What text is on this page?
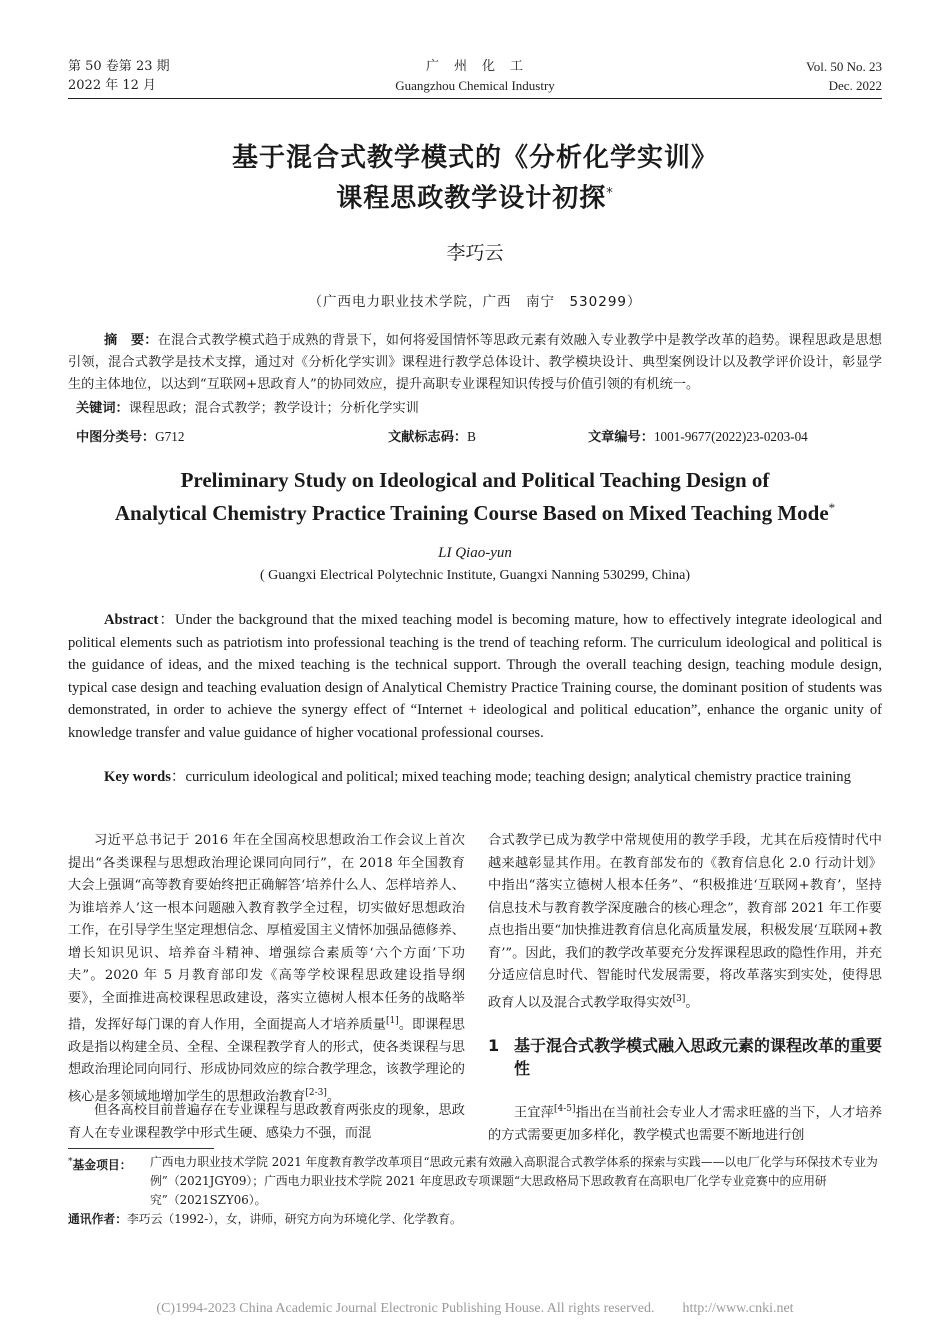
第 50 卷第 23 期
2022 年 12 月
广　州　化　工
Guangzhou Chemical Industry
Vol. 50 No. 23
Dec. 2022
基于混合式教学模式的《分析化学实训》
课程思政教学设计初探*
李巧云
（广西电力职业技术学院，广西　南宁　530299）
摘　要：在混合式教学模式趋于成熟的背景下，如何将爱国情怀等思政元素有效融入专业教学中是教学改革的趋势。课程思政是思想引领，混合式教学是技术支撑，通过对《分析化学实训》课程进行教学总体设计、教学模块设计、典型案例设计以及教学评价设计，彰显学生的主体地位，以达到“互联网+思政育人”的协同效应，提升高职专业课程知识传授与价值引领的有机统一。
关键词：课程思政；混合式教学；教学设计；分析化学实训
中图分类号：G712	文献标志码：B	文章编号：1001-9677(2022)23-0203-04
Preliminary Study on Ideological and Political Teaching Design of
Analytical Chemistry Practice Training Course Based on Mixed Teaching Mode*
LI Qiao-yun
( Guangxi Electrical Polytechnic Institute, Guangxi Nanning 530299, China)
Abstract：Under the background that the mixed teaching model is becoming mature, how to effectively integrate ideological and political elements such as patriotism into professional teaching is the trend of teaching reform. The curriculum ideological and political is the guidance of ideas, and the mixed teaching is the technical support. Through the overall teaching design, teaching module design, typical case design and teaching evaluation design of Analytical Chemistry Practice Training course, the dominant position of students was demonstrated, in order to achieve the synergy effect of “Internet + ideological and political education”, enhance the organic unity of knowledge transfer and value guidance of higher vocational professional courses.
Key words：curriculum ideological and political; mixed teaching mode; teaching design; analytical chemistry practice training
习近平总书记于 2016 年在全国高校思想政治工作会议上首次提出“各类课程与思想政治理论课同向同行”，在 2018 年全国教育大会上强调“高等教育要始终把正确解答‘培养什么人、怎样培养人、为谁培养人’这一根本问题融入教育教学全过程，切实做好思想政治工作，在引导学生坚定理想信念、厚植爱国主义情怀加强品德修养、增长知识见识、培养奋斗精神、增强综合素质等‘六个方面’下功夫”。2020 年 5 月教育部印发《高等学校课程思政建设指导纲要》，全面推进高校课程思政建设，落实立德树人根本任务的战略举措，发挥好每门课的育人作用，全面提高人才培养质量[1]。即课程思政是指以构建全员、全程、全课程教学育人的形式，使各类课程与思想政治理论同向同行、形成协同效应的综合教学理念，该教学理论的核心是多领域地增加学生的思想政治教育[2-3]。
但各高校目前普遍存在专业课程与思政教育两张皮的现象，思政育人在专业课程教学中形式生硬、感染力不强，而混
合式教学已成为教学中常规使用的教学手段，尤其在后疫情时代中越来越彰显其作用。在教育部发布的《教育信息化 2.0 行动计划》中指出“落实立德树人根本任务”、“积极推进‘互联网+教育’，坚持信息技术与教育教学深度融合的核心理念”，教育部 2021 年工作要点也指出要“加快推进教育信息化高质量发展，积极发展‘互联网+教育’”。因此，我们的教学改革要充分发挥课程思政的隐性作用，并充分适应信息时代、智能时代发展需要，将改革落实到实处，使得思政育人以及混合式教学取得实效[3]。
1 基于混合式教学模式融入思政元素的课程改革的重要性
王宜萍[4-5]指出在当前社会专业人才需求旺盛的当下，人才培养的方式需要更加多样化，教学模式也需要不断地进行创
*基金项目：	广西电力职业技术学院 2021 年度教育教学改革项目“思政元素有效融入高职混合式教学体系的探索与实践——以电厂化学与环保技术专业为例”（2021JGY09）；广西电力职业技术学院 2021 年度思政专项课题“大思政格局下思政教育在高职电厂化学专业竞赛中的应用研究”（2021SZY06）。
通讯作者：李巧云（1992-），女，讲师，研究方向为环境化学、化学教育。
(C)1994-2023 China Academic Journal Electronic Publishing House. All rights reserved.　　http://www.cnki.net
